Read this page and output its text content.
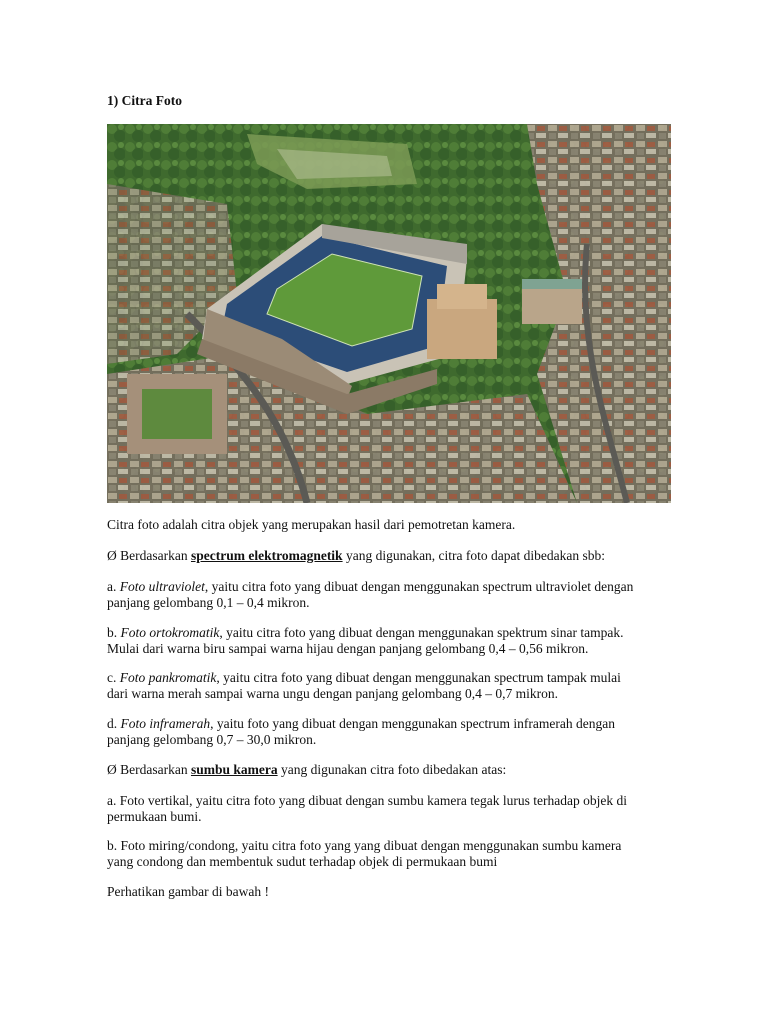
1) Citra Foto

Citra foto adalah citra objek yang merupakan hasil dari pemotretan kamera.

Ø Berdasarkan spectrum elektromagnetik yang digunakan, citra foto dapat dibedakan sbb:

a. Foto ultraviolet, yaitu citra foto yang dibuat dengan menggunakan spectrum ultraviolet dengan
panjang gelombang 0,1 – 0,4 mikron.

b. Foto ortokromatik, yaitu citra foto yang dibuat dengan menggunakan spektrum sinar tampak.
Mulai dari warna biru sampai warna hijau dengan panjang gelombang 0,4 – 0,56 mikron.

c. Foto pankromatik, yaitu citra foto yang dibuat dengan menggunakan spectrum tampak mulai
dari warna merah sampai warna ungu dengan panjang gelombang 0,4 – 0,7 mikron.

d. Foto inframerah, yaitu foto yang dibuat dengan menggunakan spectrum inframerah dengan
panjang gelombang 0,7 – 30,0 mikron.

Ø Berdasarkan sumbu kamera yang digunakan citra foto dibedakan atas:

a. Foto vertikal, yaitu citra foto yang dibuat dengan sumbu kamera tegak lurus terhadap objek di
permukaan bumi.

b. Foto miring/condong, yaitu citra foto yang yang dibuat dengan menggunakan sumbu kamera
yang condong dan membentuk sudut terhadap objek di permukaan bumi

Perhatikan gambar di bawah !
